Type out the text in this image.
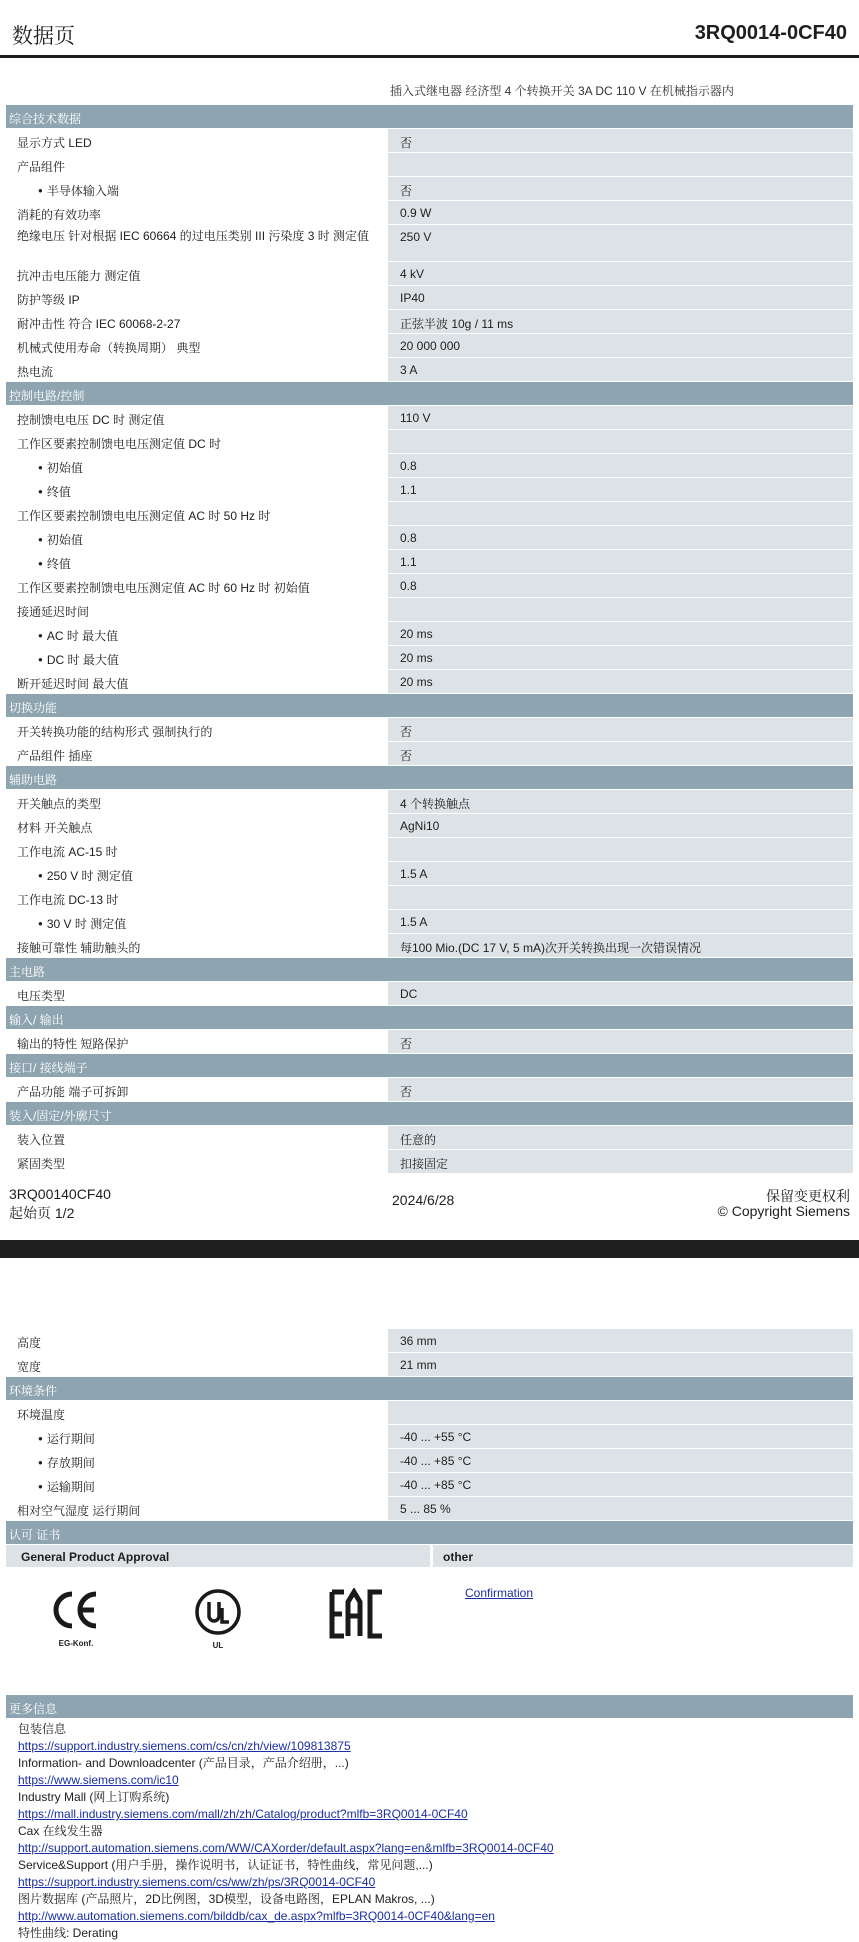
数据页	3RQ0014-0CF40
插入式继电器 经济型 4 个转换开关 3A DC 110 V 在机械指示器内
综合技术数据
显示方式 LED	否
产品组件
● 半导体输入端	否
消耗的有效功率	0.9 W
绝缘电压 针对根据 IEC 60664 的过电压类别 III 污染度 3 时 测定值	250 V
抗冲击电压能力 测定值	4 kV
防护等级 IP	IP40
耐冲击性 符合 IEC 60068-2-27	正弦半波 10g / 11 ms
机械式使用寿命（转换周期） 典型	20 000 000
热电流	3 A
控制电路/控制
控制馈电电压 DC 时 测定值	110 V
工作区要素控制馈电电压测定值 DC 时
● 初始值	0.8
● 终值	1.1
工作区要素控制馈电电压测定值 AC 时 50 Hz 时
● 初始值	0.8
● 终值	1.1
工作区要素控制馈电电压测定值 AC 时 60 Hz 时 初始值	0.8
接通延迟时间
● AC 时 最大值	20 ms
● DC 时 最大值	20 ms
断开延迟时间 最大值	20 ms
切换功能
开关转换功能的结构形式 强制执行的	否
产品组件 插座	否
辅助电路
开关触点的类型	4 个转换触点
材料 开关触点	AgNi10
工作电流 AC-15 时
● 250 V 时 测定值	1.5 A
工作电流 DC-13 时
● 30 V 时 测定值	1.5 A
接触可靠性 辅助触头的	每100 Mio.(DC 17 V, 5 mA)次开关转换出现一次错误情况
主电路
电压类型	DC
输入/ 输出
输出的特性 短路保护	否
接口/ 接线端子
产品功能 端子可拆卸	否
装入/固定/外廓尺寸
装入位置	任意的
紧固类型	扣接固定
3RQ00140CF40
起始页 1/2
2024/6/28	保留变更权利
© Copyright Siemens
高度	36 mm
宽度	21 mm
环境条件
环境温度
● 运行期间	-40 ... +55 °C
● 存放期间	-40 ... +85 °C
● 运输期间	-40 ... +85 °C
相对空气湿度 运行期间	5 ... 85 %
认可 证书
General Product Approval	other
EG-Konf.	UL
Confirmation
更多信息
包装信息
https://support.industry.siemens.com/cs/cn/zh/view/109813875
Information- and Downloadcenter (产品目录，产品介绍册，...)
https://www.siemens.com/ic10
Industry Mall (网上订购系统)
https://mall.industry.siemens.com/mall/zh/zh/Catalog/product?mlfb=3RQ0014-0CF40
Cax 在线发生器
http://support.automation.siemens.com/WW/CAXorder/default.aspx?lang=en&mlfb=3RQ0014-0CF40
Service&Support (用户手册，操作说明书，认证证书，特性曲线，常见问题,...)
https://support.industry.siemens.com/cs/ww/zh/ps/3RQ0014-0CF40
图片数据库 (产品照片，2D比例图，3D模型，设备电路图，EPLAN Makros, ...)
http://www.automation.siemens.com/bilddb/cax_de.aspx?mlfb=3RQ0014-0CF40&lang=en
特性曲线: Derating
